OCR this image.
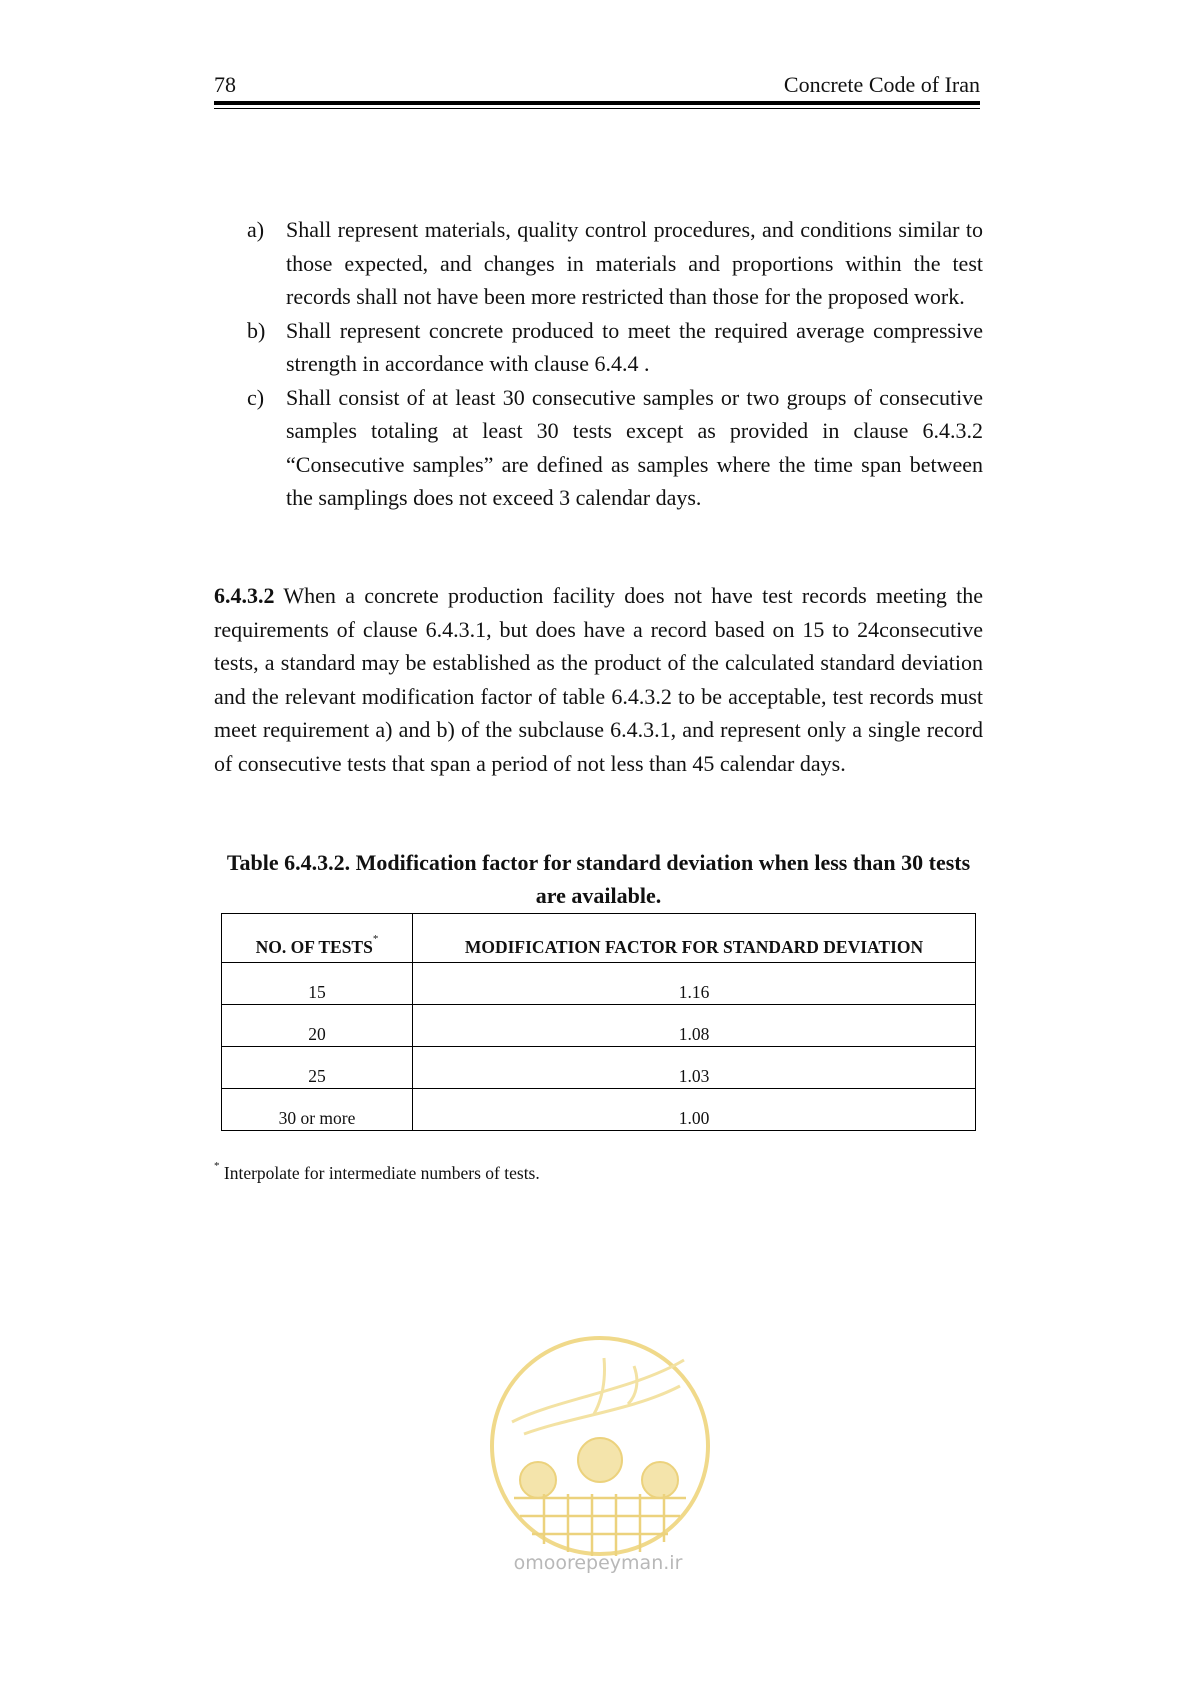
78	Concrete Code of Iran
a) Shall represent materials, quality control procedures, and conditions similar to those expected, and changes in materials and proportions within the test records shall not have been more restricted than those for the proposed work.
b) Shall represent concrete produced to meet the required average compressive strength in accordance with clause 6.4.4 .
c) Shall consist of at least 30 consecutive samples or two groups of consecutive samples totaling at least 30 tests except as provided in clause 6.4.3.2 “Consecutive samples” are defined as samples where the time span between the samplings does not exceed 3 calendar days.
6.4.3.2 When a concrete production facility does not have test records meeting the requirements of clause 6.4.3.1, but does have a record based on 15 to 24consecutive tests, a standard may be established as the product of the calculated standard deviation and the relevant modification factor of table 6.4.3.2 to be acceptable, test records must meet requirement a) and b) of the subclause 6.4.3.1, and represent only a single record of consecutive tests that span a period of not less than 45 calendar days.
Table 6.4.3.2. Modification factor for standard deviation when less than 30 tests are available.
NO. OF TESTS*	MODIFICATION FACTOR FOR STANDARD DEVIATION
15	1.16
20	1.08
25	1.03
30 or more	1.00
* Interpolate for intermediate numbers of tests.
omoorepeyman.ir
